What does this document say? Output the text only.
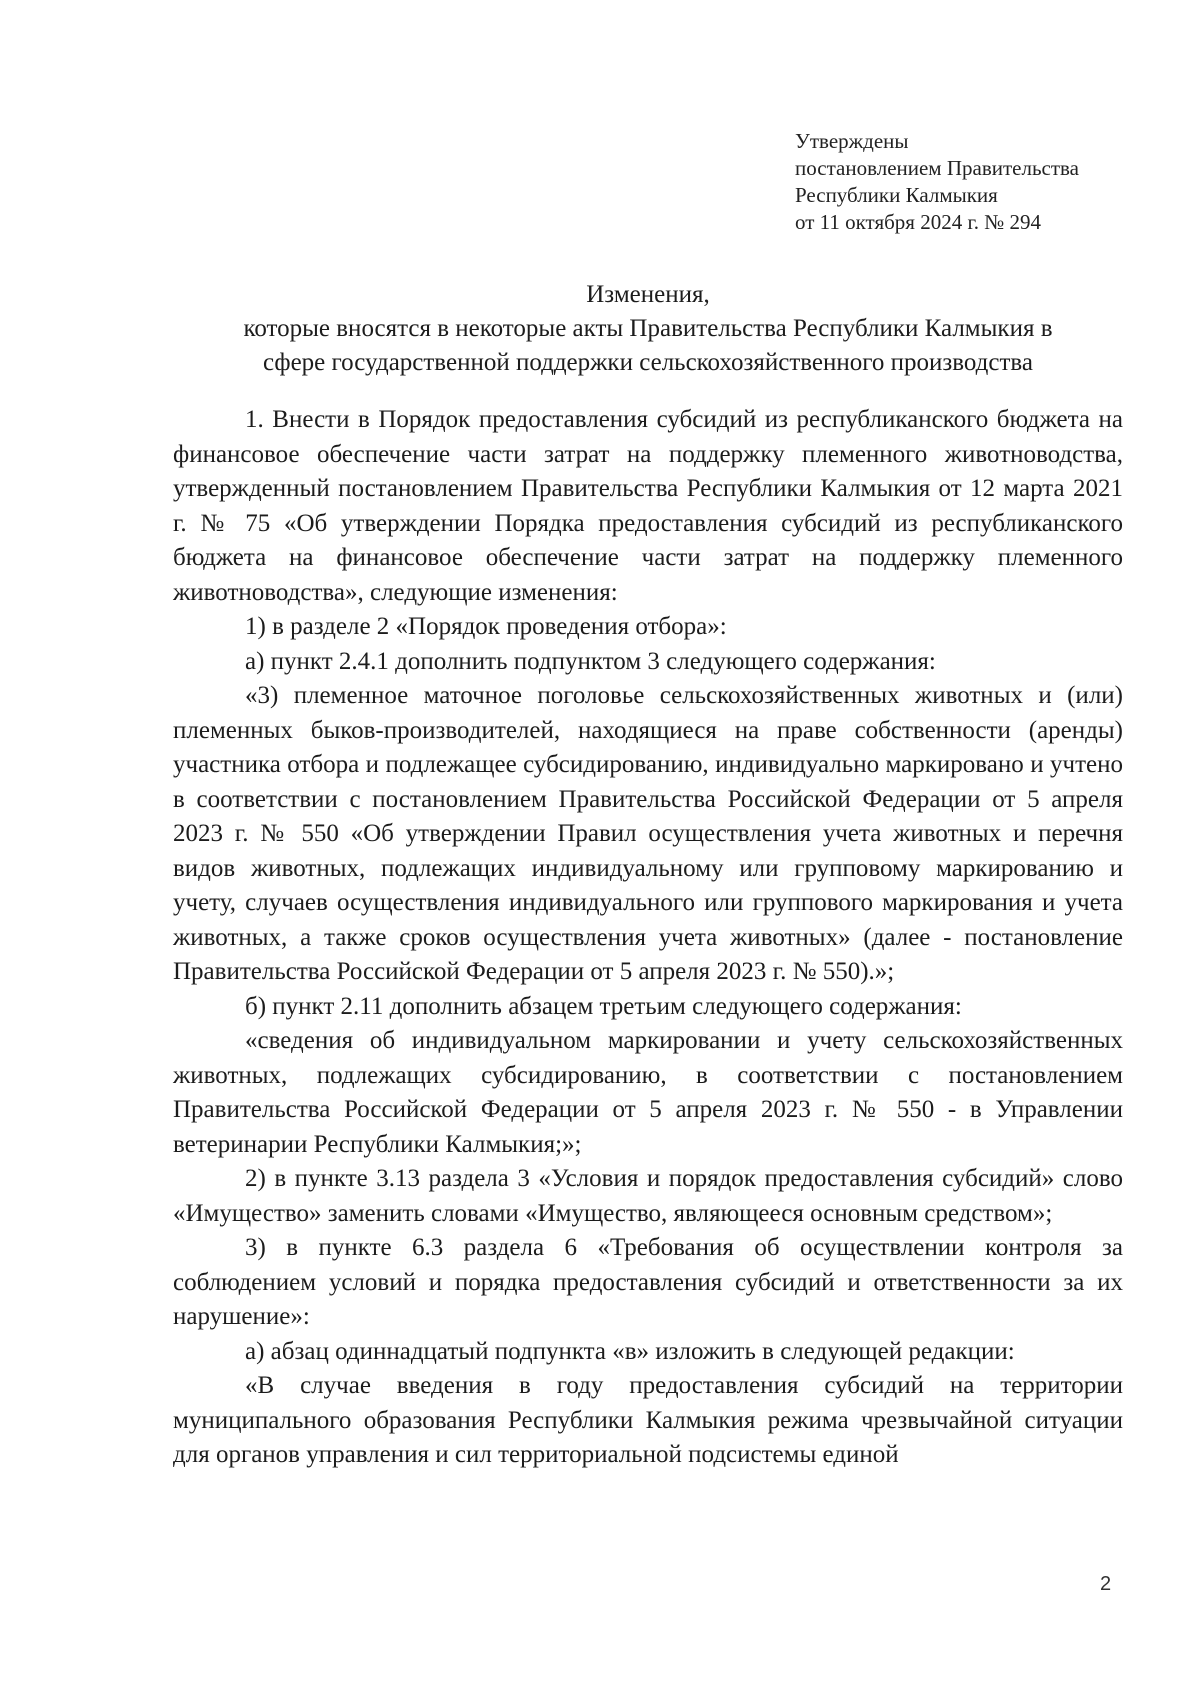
Утверждены
постановлением Правительства
Республики Калмыкия
от 11 октября 2024 г. № 294
Изменения,
которые вносятся в некоторые акты Правительства Республики Калмыкия в
сфере государственной поддержки сельскохозяйственного производства

1. Внести в Порядок предоставления субсидий из республиканского бюджета на финансовое обеспечение части затрат на поддержку племенного животноводства, утвержденный постановлением Правительства Республики Калмыкия от 12 марта 2021 г. № 75 «Об утверждении Порядка предоставления субсидий из республиканского бюджета на финансовое обеспечение части затрат на поддержку племенного животноводства», следующие изменения:

1) в разделе 2 «Порядок проведения отбора»:

а) пункт 2.4.1 дополнить подпунктом 3 следующего содержания:

«3) племенное маточное поголовье сельскохозяйственных животных и (или) племенных быков-производителей, находящиеся на праве собственности (аренды) участника отбора и подлежащее субсидированию, индивидуально маркировано и учтено в соответствии с постановлением Правительства Российской Федерации от 5 апреля 2023 г. № 550 «Об утверждении Правил осуществления учета животных и перечня видов животных, подлежащих индивидуальному или групповому маркированию и учету, случаев осуществления индивидуального или группового маркирования и учета животных, а также сроков осуществления учета животных» (далее - постановление Правительства Российской Федерации от 5 апреля 2023 г. № 550).»;

б) пункт 2.11 дополнить абзацем третьим следующего содержания:

«сведения об индивидуальном маркировании и учету сельскохозяйственных животных, подлежащих субсидированию, в соответствии с постановлением Правительства Российской Федерации от 5 апреля 2023 г. № 550 - в Управлении ветеринарии Республики Калмыкия;»;

2) в пункте 3.13 раздела 3 «Условия и порядок предоставления субсидий» слово «Имущество» заменить словами «Имущество, являющееся основным средством»;

3) в пункте 6.3 раздела 6 «Требования об осуществлении контроля за соблюдением условий и порядка предоставления субсидий и ответственности за их нарушение»:

а) абзац одиннадцатый подпункта «в» изложить в следующей редакции:

«В случае введения в году предоставления субсидий на территории муниципального образования Республики Калмыкия режима чрезвычайной ситуации для органов управления и сил территориальной подсистемы единой

2
